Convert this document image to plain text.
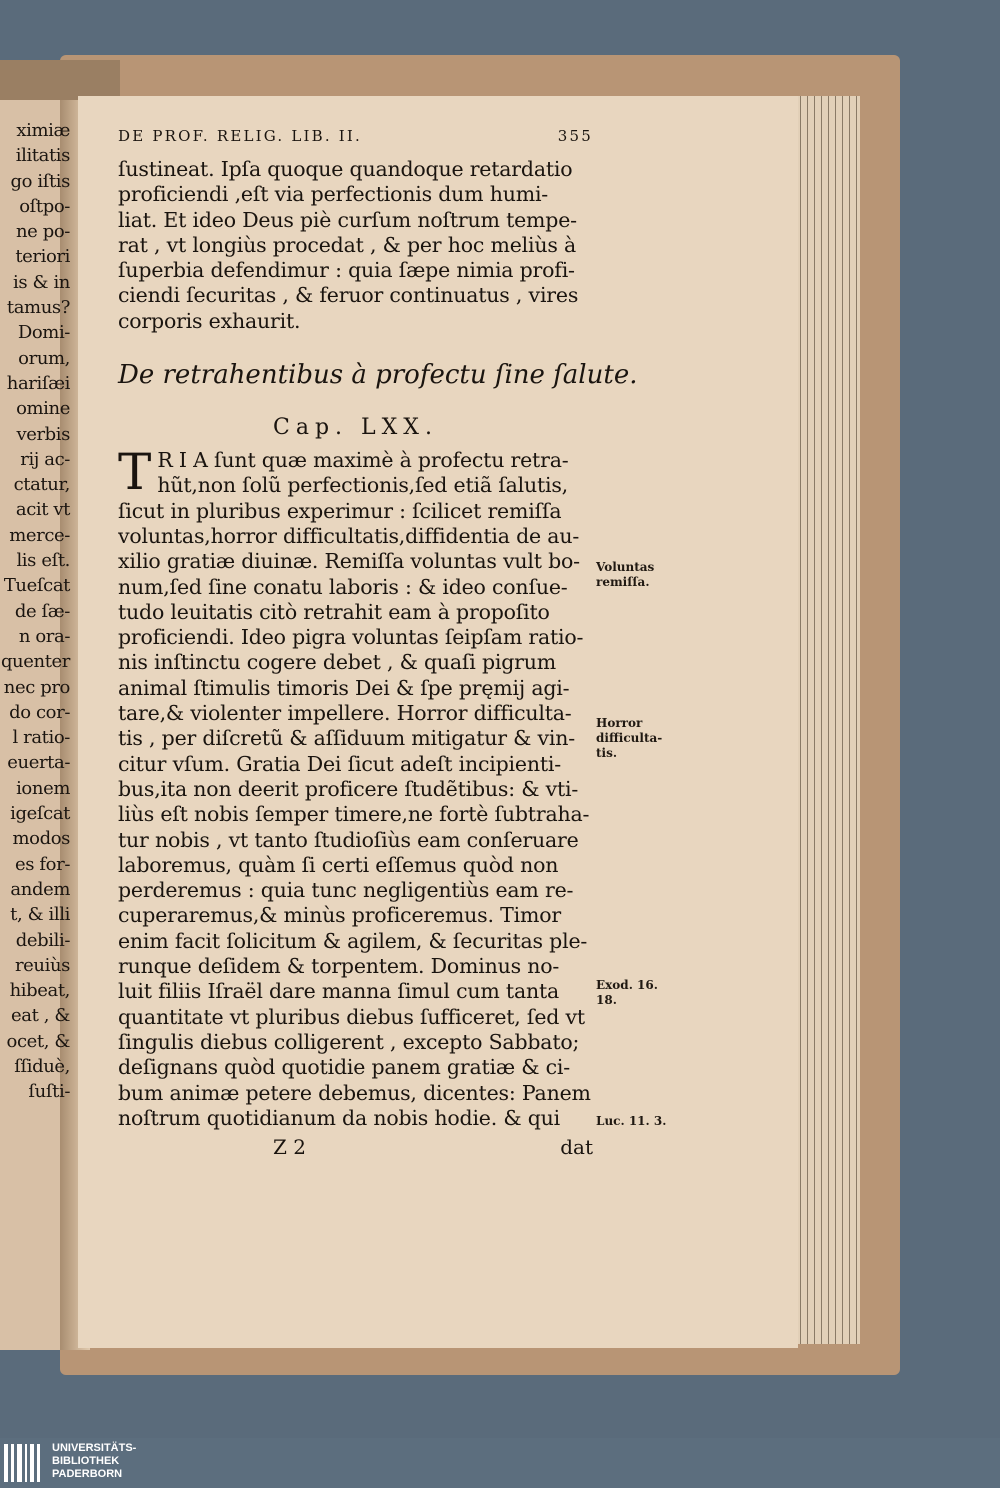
ximiæ
ilitatis
go iſtis
oſtpo-
ne po-
teriori
is & in
tamus?
Domi-
orum,
hariſæi
omine
verbis
rij ac-
ctatur,
acit vt
merce-
lis eſt.
Tueſcat
de ſæ-
n ora-
quenter
nec pro
do cor-
l ratio-
euerta-
ionem
igeſcat
modos
es for-
andem
t, & illi
debili-
reuiùs
hibeat,
eat , &
ocet, &
ſſiduè,
ſuſti-
DE PROF. RELIG. LIB. II.	355
ſustineat. Ipſa quoque quandoque retardatio
proficiendi ,eſt via perfectionis dum humi-
liat. Et ideo Deus piè curſum noſtrum tempe-
rat , vt longiùs procedat , & per hoc meliùs à
ſuperbia defendimur : quia ſæpe nimia profi-
ciendi ſecuritas , & feruor continuatus , vires
corporis exhaurit.
De retrahentibus à profectu ſine ſalute.
Cap. LXX.
T R I A ſunt quæ maximè à profectu retra-
hũt,non ſolũ perfectionis,ſed etiã ſalutis,
ſicut in pluribus experimur : ſcilicet remiſſa
voluntas,horror difficultatis,diffidentia de au-
xilio gratiæ diuinæ. Remiſſa voluntas vult bo-
num,ſed ſine conatu laboris : & ideo conſue-
tudo leuitatis citò retrahit eam à propoſito
proficiendi. Ideo pigra voluntas ſeipſam ratio-
nis inſtinctu cogere debet , & quaſi pigrum
animal ſtimulis timoris Dei & ſpe pręmij agi-
tare,& violenter impellere. Horror difficulta-
tis , per diſcretũ & aſſiduum mitigatur & vin-
citur vſum. Gratia Dei ſicut adeſt incipienti-
bus,ita non deerit proficere ſtudẽtibus: & vti-
liùs eſt nobis ſemper timere,ne fortè ſubtraha-
tur nobis , vt tanto ſtudioſiùs eam conſeruare
laboremus, quàm ſi certi eſſemus quòd non
perderemus : quia tunc negligentiùs eam re-
cuperaremus,& minùs proficeremus. Timor
enim facit ſolicitum & agilem, & ſecuritas ple-
runque deſidem & torpentem. Dominus no-
luit filiis Iſraël dare manna ſimul cum tanta
quantitate vt pluribus diebus ſufficeret, ſed vt
ſingulis diebus colligerent , excepto Sabbato;
deſignans quòd quotidie panem gratiæ & ci-
bum animæ petere debemus, dicentes: Panem
noſtrum quotidianum da nobis hodie. & qui
Z 2	dat
Voluntas remiſſa.
Horror difficulta-tis.
Exod. 16. 18.
Luc. 11. 3.
UNIVERSITÄTS-
BIBLIOTHEK
PADERBORN
